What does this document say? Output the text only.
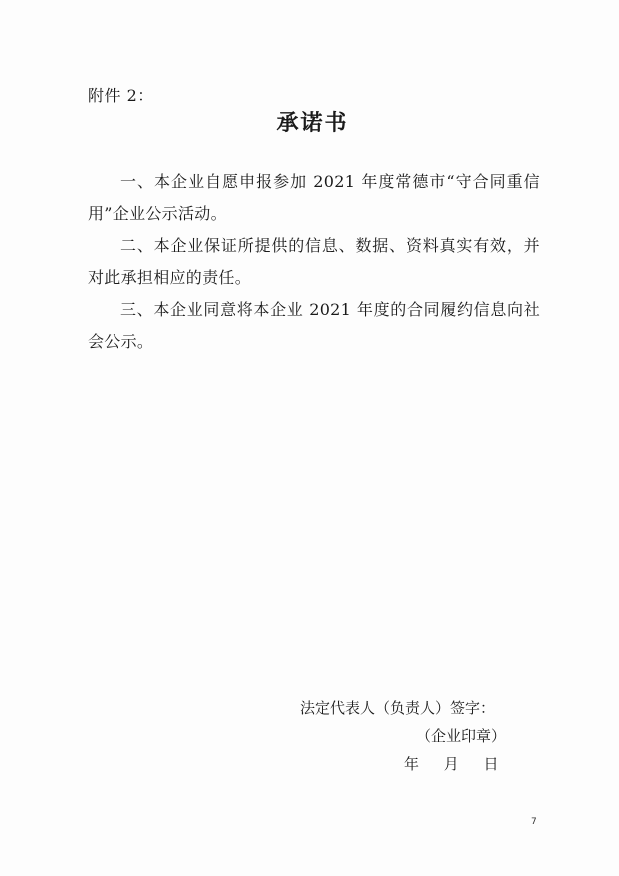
附件 2：
承诺书

一、本企业自愿申报参加 2021 年度常德市“守合同重信用”企业公示活动。

二、本企业保证所提供的信息、数据、资料真实有效，并对此承担相应的责任。

三、本企业同意将本企业 2021 年度的合同履约信息向社会公示。

法定代表人（负责人）签字：
（企业印章）
年 月 日
7
